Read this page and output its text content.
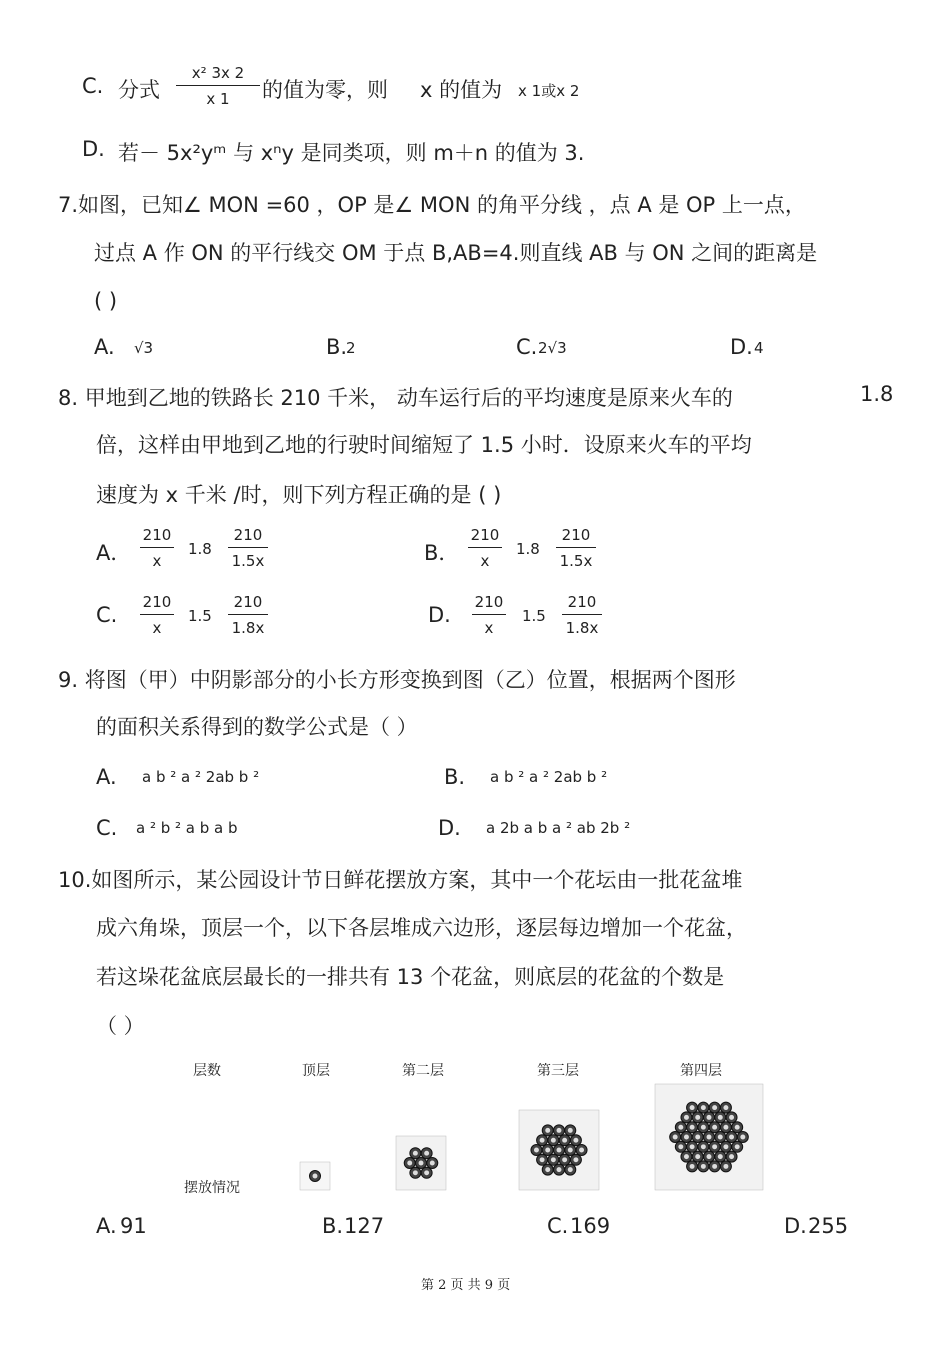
C. 分式
x² 3x 2
x 1 的值为零，则 x 的值为 x 1或x 2
D. 若－ 5x²yᵐ 与 xⁿy 是同类项，则 m＋n 的值为 3.
7.如图，已知∠ MON =60 ，OP 是∠ MON 的角平分线 ，点 A 是 OP 上一点，
过点 A 作 ON 的平行线交 OM 于点 B,AB=4.则直线 AB 与 ON 之间的距离是
( )
A. √3	B.
2	C. 2√3	D. 4
8. 甲地到乙地的铁路长 210 千米， 动车运行后的平均速度是原来火车的	1.8
倍，这样由甲地到乙地的行驶时间缩短了 1.5 小时．设原来火车的平均
速度为 x 千米 /时，则下列方程正确的是 ( )
A．
210
x
1.8
210
1.5x	B．
210
x
1.8
210
1.5x
C.
210
x
1.5
210
1.8x
D.
210
x
1.5
210
1.8x
9. 将图（甲）中阴影部分的小长方形变换到图（乙）位置，根据两个图形
的面积关系得到的数学公式是（ ）
A. a b ² a ² 2ab b ²	B. a b ² a ² 2ab b ²
C. a ² b ² a b a b	D. a 2b a b a ² ab 2b ²
10.如图所示，某公园设计节日鲜花摆放方案，其中一个花坛由一批花盆堆
成六角垛，顶层一个，以下各层堆成六边形，逐层每边增加一个花盆，
若这垛花盆底层最长的一排共有 13 个花盆，则底层的花盆的个数是
（ ）
层数	顶层	第二层	第三层	第四层
摆放情况
A. 91	B. 127	C. 169	D. 255
第 2 页 共 9 页
